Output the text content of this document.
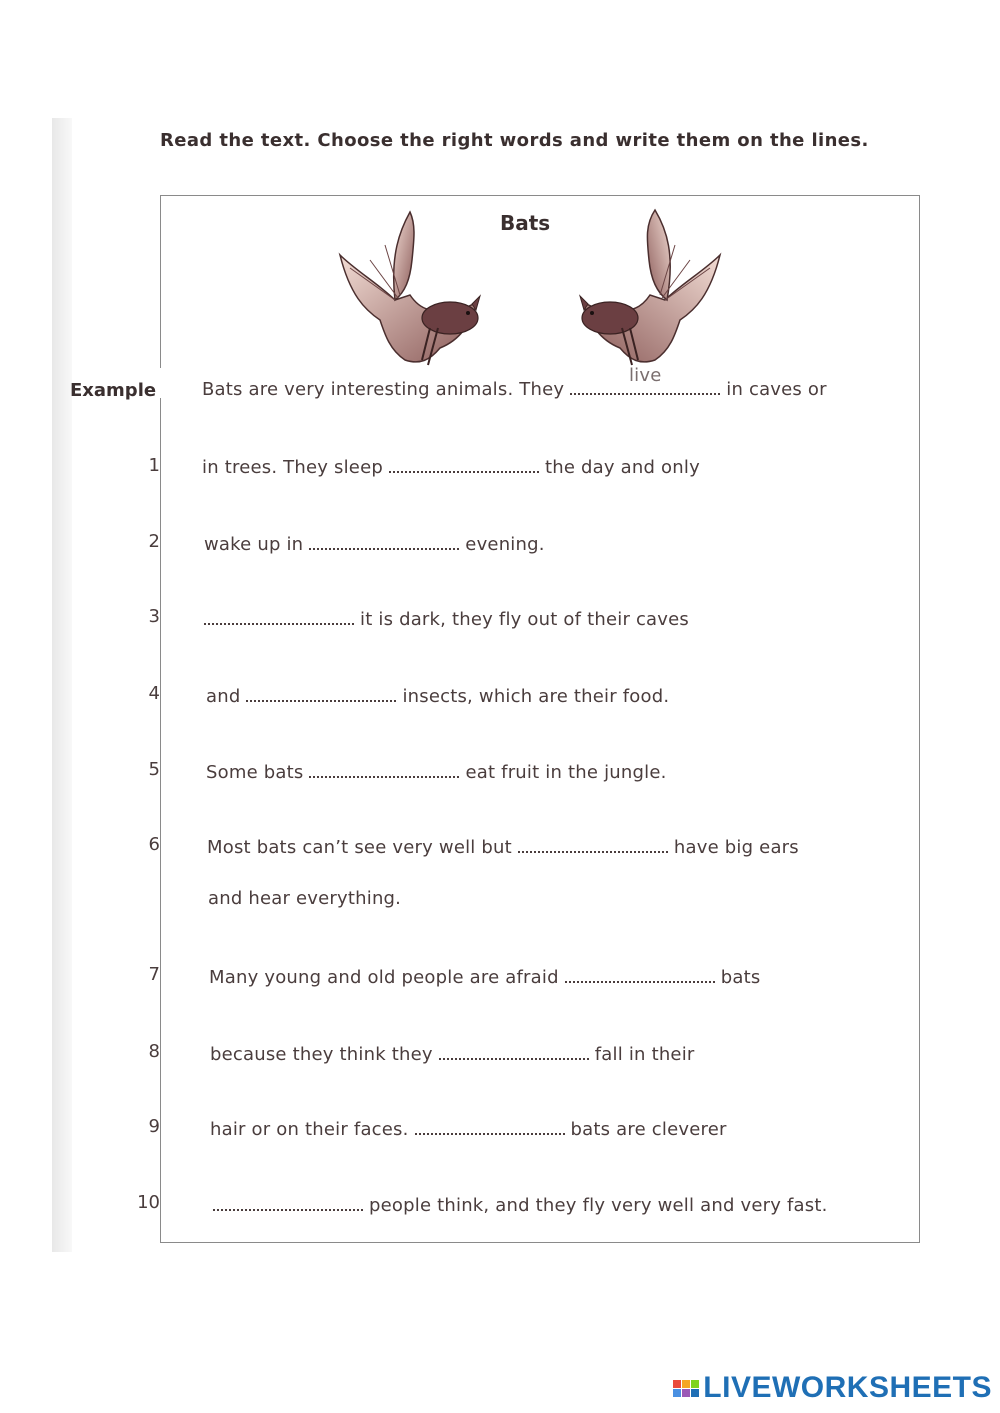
Read the text. Choose the right words and write them on the lines.
Bats
Example	Bats are very interesting animals. They
live
in caves or
1 in trees. They sleep	the day and only
2 wake up in	evening.
3	it is dark, they fly out of their caves
4	and	insects, which are their food.
5	Some bats	eat fruit in the jungle.
6	Most bats can’t see very well but	have big ears
and hear everything.
7	Many young and old people are afraid	bats
8	because they think they	fall in their
9	hair or on their faces.	bats are cleverer
10	people think, and they fly very well and very fast.
LIVEWORKSHEETS
